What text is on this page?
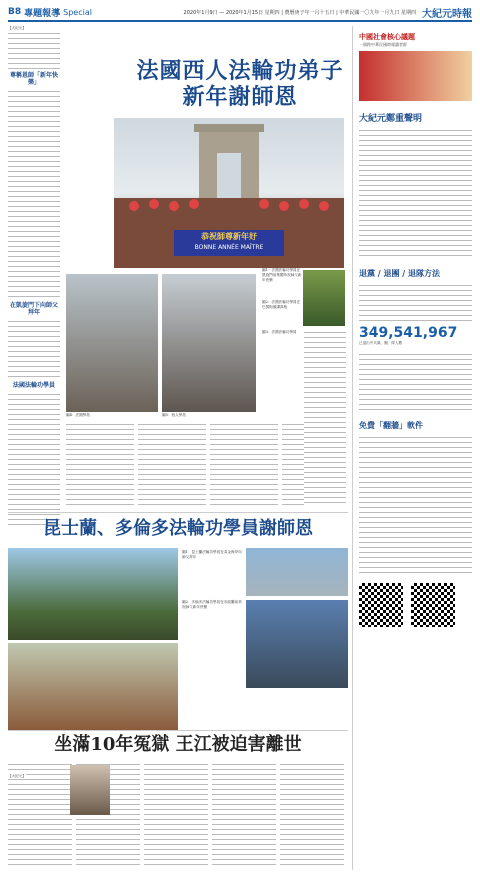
B8 專題報導 Special	2020年1月9日 — 2020年1月15日 星期四 | 農曆庚子年一月十五日 | 中華民國一〇九年一月九日 星期四 大紀元時報
【大紀元】
尊稱恩師「新年快樂」
在凱旋門下向師父拜年
法國法輪功學員
法國西人法輪功弟子
新年謝師恩
恭祝師尊新年好
BONNE ANNÉE MAÎTRE
圖1：法國法輪功學員在凱旋門前集體恭祝師父新年快樂
圖2：法國法輪功學員在巴黎街頭講真相
圖3：法國法輪功學員
圖4：法國學員	圖5：西人學員
昆士蘭、多倫多法輪功學員謝師恩
圖1：昆士蘭法輪功學員在黃金海岸向師父拜年
圖2：多倫多法輪功學員在市政廳前恭祝師父新年快樂
坐滿10年冤獄 王江被迫害離世
【大紀元】
中國社會核心議題
一個跨中華民國時報讀者群
大紀元鄭重聲明
退黨 / 退團 / 退隊方法
349,541,967
已退出中共黨、團、隊人數
免費「翻牆」軟件
